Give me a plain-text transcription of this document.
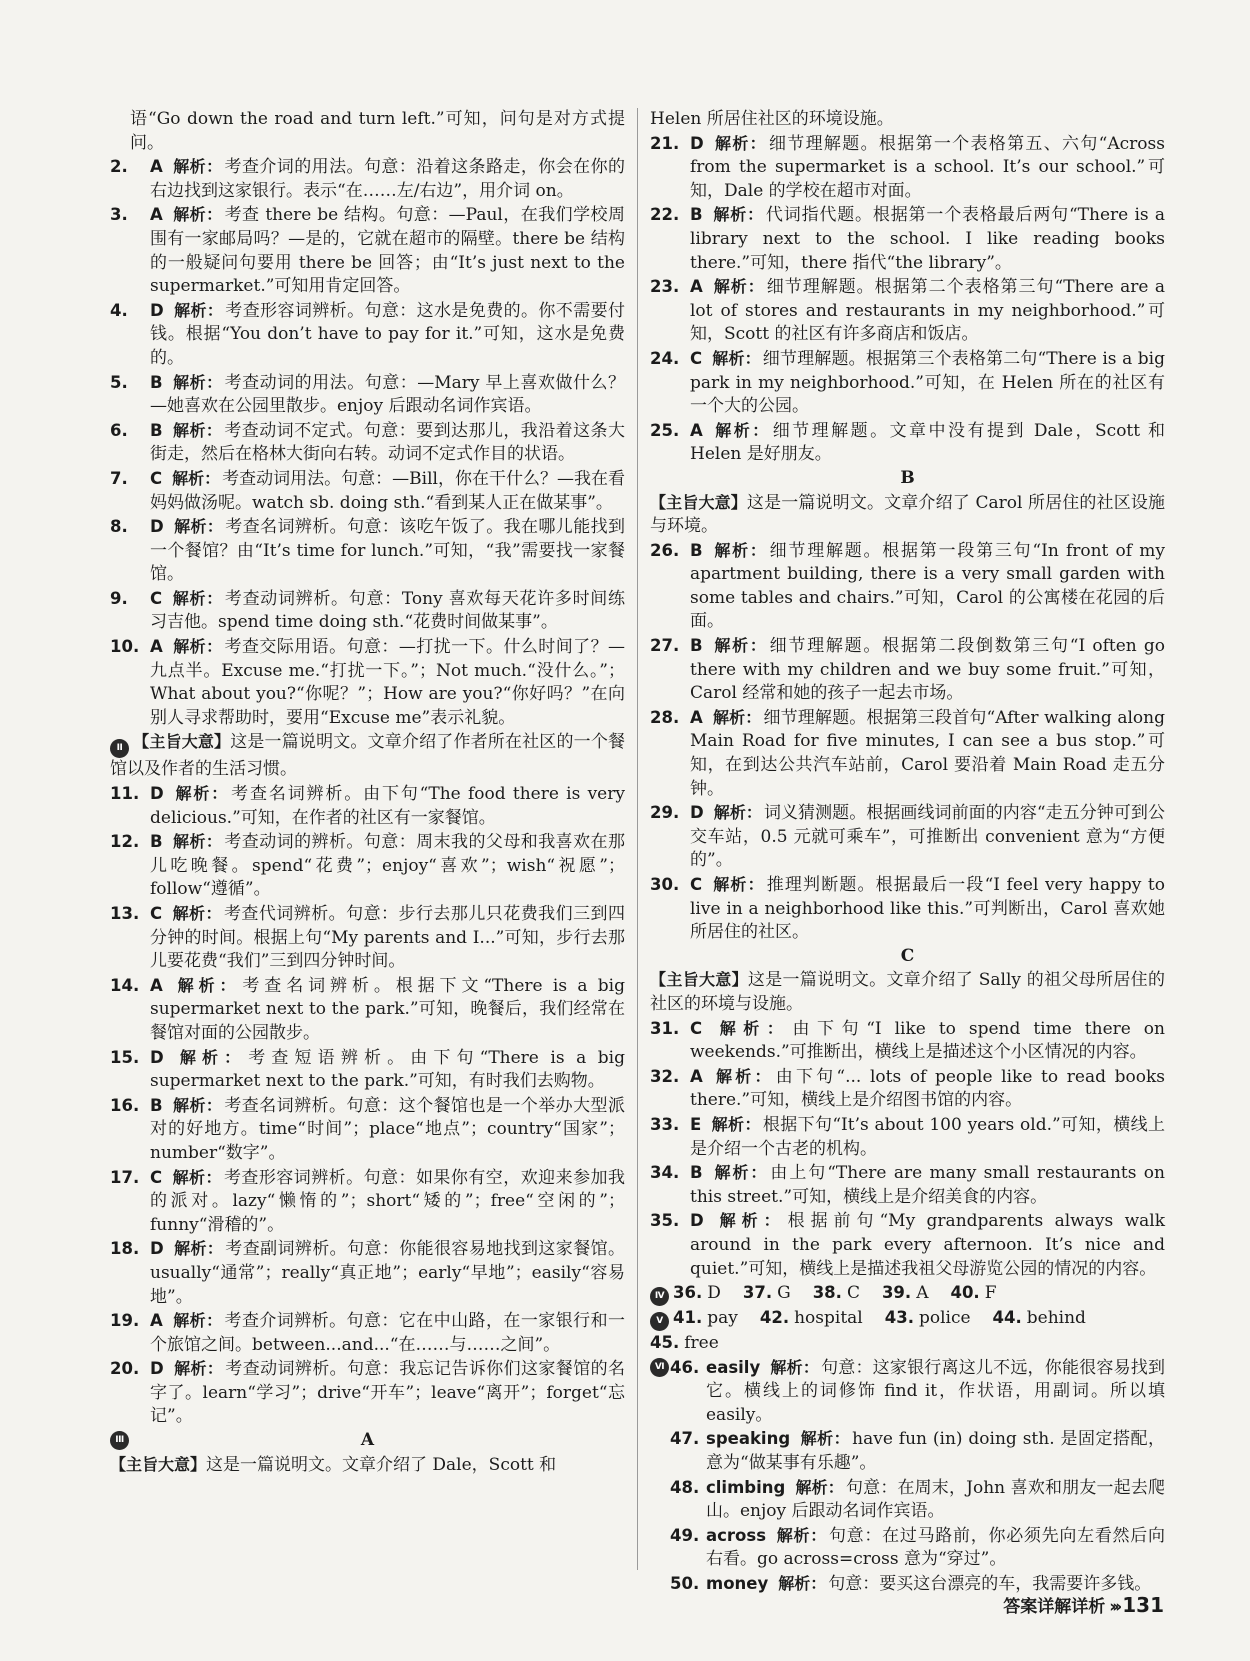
语“Go down the road and turn left.”可知，问句是对方式提问。
2. A 解析： 考查介词的用法。句意：沿着这条路走，你会在你的右边找到这家银行。表示“在……左/右边”，用介词 on。
3. A 解析： 考查 there be 结构。句意：—Paul，在我们学校周围有一家邮局吗？—是的，它就在超市的隔壁。there be 结构的一般疑问句要用 there be 回答；由“It’s just next to the supermarket.”可知用肯定回答。
4. D 解析： 考查形容词辨析。句意：这水是免费的。你不需要付钱。根据“You don’t have to pay for it.”可知，这水是免费的。
5. B 解析： 考查动词的用法。句意：—Mary 早上喜欢做什么？—她喜欢在公园里散步。enjoy 后跟动名词作宾语。
6. B 解析： 考查动词不定式。句意：要到达那儿，我沿着这条大街走，然后在格林大街向右转。动词不定式作目的状语。
7. C 解析： 考查动词用法。句意：—Bill，你在干什么？—我在看妈妈做汤呢。watch sb. doing sth.“看到某人正在做某事”。
8. D 解析： 考查名词辨析。句意：该吃午饭了。我在哪儿能找到一个餐馆？由“It’s time for lunch.”可知，“我”需要找一家餐馆。
9. C 解析： 考查动词辨析。句意：Tony 喜欢每天花许多时间练习吉他。spend time doing sth.“花费时间做某事”。
10. A 解析： 考查交际用语。句意：—打扰一下。什么时间了？—九点半。Excuse me.“打扰一下。”；Not much.“没什么。”；What about you?“你呢？”；How are you?“你好吗？”在向别人寻求帮助时，要用“Excuse me”表示礼貌。
II 【主旨大意】这是一篇说明文。文章介绍了作者所在社区的一个餐馆以及作者的生活习惯。
11. D 解析： 考查名词辨析。由下句“The food there is very delicious.”可知，在作者的社区有一家餐馆。
12. B 解析： 考查动词的辨析。句意：周末我的父母和我喜欢在那儿吃晚餐。spend“花费”；enjoy“喜欢”；wish“祝愿”；follow“遵循”。
13. C 解析： 考查代词辨析。句意：步行去那儿只花费我们三到四分钟的时间。根据上句“My parents and I...”可知，步行去那儿要花费“我们”三到四分钟时间。
14. A 解析： 考查名词辨析。根据下文“There is a big supermarket next to the park.”可知，晚餐后，我们经常在餐馆对面的公园散步。
15. D 解析： 考查短语辨析。由下句“There is a big supermarket next to the park.”可知，有时我们去购物。
16. B 解析： 考查名词辨析。句意：这个餐馆也是一个举办大型派对的好地方。time“时间”；place“地点”；country“国家”；number“数字”。
17. C 解析： 考查形容词辨析。句意：如果你有空，欢迎来参加我的派对。lazy“懒惰的”；short“矮的”；free“空闲的”；funny“滑稽的”。
18. D 解析： 考查副词辨析。句意：你能很容易地找到这家餐馆。usually“通常”；really“真正地”；early“早地”；easily“容易地”。
19. A 解析： 考查介词辨析。句意：它在中山路，在一家银行和一个旅馆之间。between...and...“在……与……之间”。
20. D 解析： 考查动词辨析。句意：我忘记告诉你们这家餐馆的名字了。learn“学习”；drive“开车”；leave“离开”；forget“忘记”。
III	A
【主旨大意】这是一篇说明文。文章介绍了 Dale，Scott 和
Helen 所居住社区的环境设施。
21. D 解析： 细节理解题。根据第一个表格第五、六句“Across from the supermarket is a school. It’s our school.”可知，Dale 的学校在超市对面。
22. B 解析： 代词指代题。根据第一个表格最后两句“There is a library next to the school. I like reading books there.”可知，there 指代“the library”。
23. A 解析： 细节理解题。根据第二个表格第三句“There are a lot of stores and restaurants in my neighborhood.”可知，Scott 的社区有许多商店和饭店。
24. C 解析： 细节理解题。根据第三个表格第二句“There is a big park in my neighborhood.”可知，在 Helen 所在的社区有一个大的公园。
25. A 解析： 细节理解题。文章中没有提到 Dale，Scott 和 Helen 是好朋友。
B
【主旨大意】这是一篇说明文。文章介绍了 Carol 所居住的社区设施与环境。
26. B 解析： 细节理解题。根据第一段第三句“In front of my apartment building, there is a very small garden with some tables and chairs.”可知，Carol 的公寓楼在花园的后面。
27. B 解析： 细节理解题。根据第二段倒数第三句“I often go there with my children and we buy some fruit.”可知，Carol 经常和她的孩子一起去市场。
28. A 解析： 细节理解题。根据第三段首句“After walking along Main Road for five minutes, I can see a bus stop.”可知，在到达公共汽车站前，Carol 要沿着 Main Road 走五分钟。
29. D 解析： 词义猜测题。根据画线词前面的内容“走五分钟可到公交车站，0.5 元就可乘车”，可推断出 convenient 意为“方便的”。
30. C 解析： 推理判断题。根据最后一段“I feel very happy to live in a neighborhood like this.”可判断出，Carol 喜欢她所居住的社区。
C
【主旨大意】这是一篇说明文。文章介绍了 Sally 的祖父母所居住的社区的环境与设施。
31. C 解析： 由下句“I like to spend time there on weekends.”可推断出，横线上是描述这个小区情况的内容。
32. A 解析： 由下句“... lots of people like to read books there.”可知，横线上是介绍图书馆的内容。
33. E 解析： 根据下句“It’s about 100 years old.”可知，横线上是介绍一个古老的机构。
34. B 解析： 由上句“There are many small restaurants on this street.”可知，横线上是介绍美食的内容。
35. D 解析： 根据前句“My grandparents always walk around in the park every afternoon. It’s nice and quiet.”可知，横线上是描述我祖父母游览公园的情况的内容。
IV 36. D 37. G 38. C 39. A 40. F
V 41. pay 42. hospital 43. police 44. behind
45. free
VI 46. easily 解析： 句意：这家银行离这儿不远，你能很容易找到它。横线上的词修饰 find it，作状语，用副词。所以填 easily。
47. speaking 解析： have fun (in) doing sth. 是固定搭配，意为“做某事有乐趣”。
48. climbing 解析： 句意：在周末，John 喜欢和朋友一起去爬山。enjoy 后跟动名词作宾语。
49. across 解析： 句意：在过马路前，你必须先向左看然后向右看。go across=cross 意为“穿过”。
50. money 解析： 句意：要买这台漂亮的车，我需要许多钱。
答案详解详析 ››› 131
